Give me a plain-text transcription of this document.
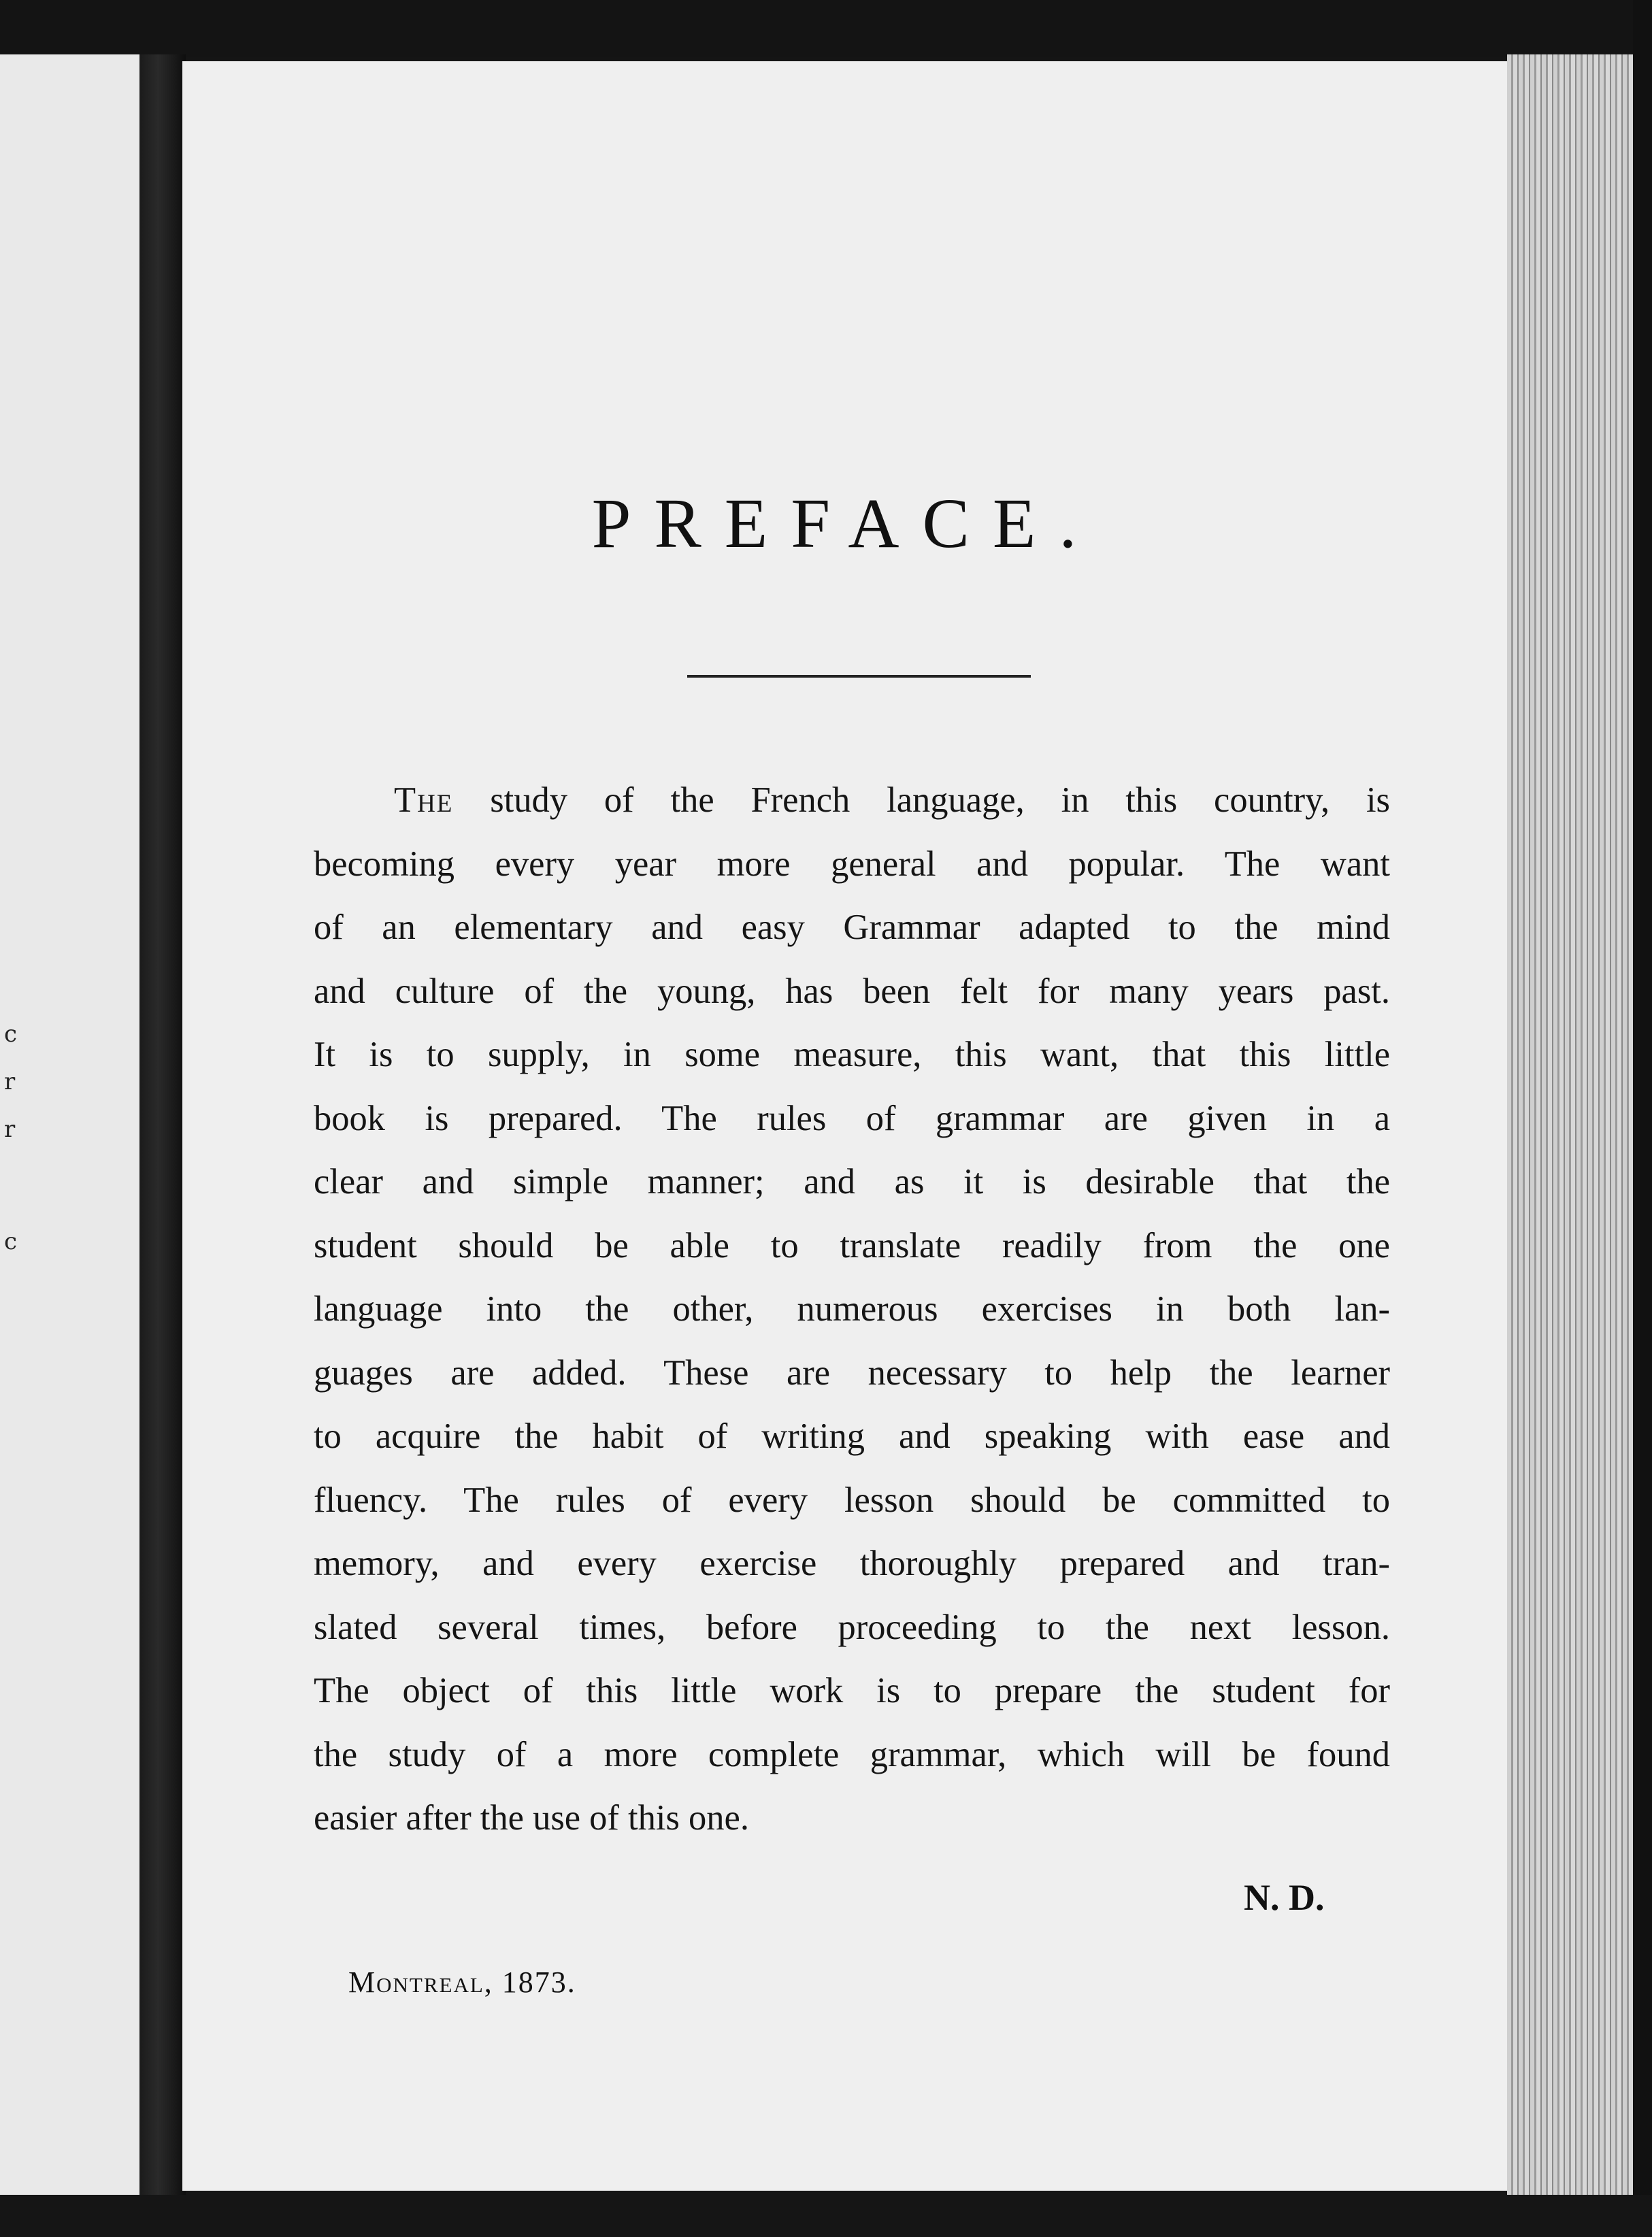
c
r
r
c
PREFACE.
The study of the French language, in this country, is
becoming every year more general and popular. The want
of an elementary and easy Grammar adapted to the mind
and culture of the young, has been felt for many years past.
It is to supply, in some measure, this want, that this little
book is prepared. The rules of grammar are given in a
clear and simple manner; and as it is desirable that the
student should be able to translate readily from the one
language into the other, numerous exercises in both lan-
guages are added. These are necessary to help the learner
to acquire the habit of writing and speaking with ease and
fluency. The rules of every lesson should be committed to
memory, and every exercise thoroughly prepared and tran-
slated several times, before proceeding to the next lesson.
The object of this little work is to prepare the student for
the study of a more complete grammar, which will be found
easier after the use of this one.
N. D.
Montreal, 1873.
